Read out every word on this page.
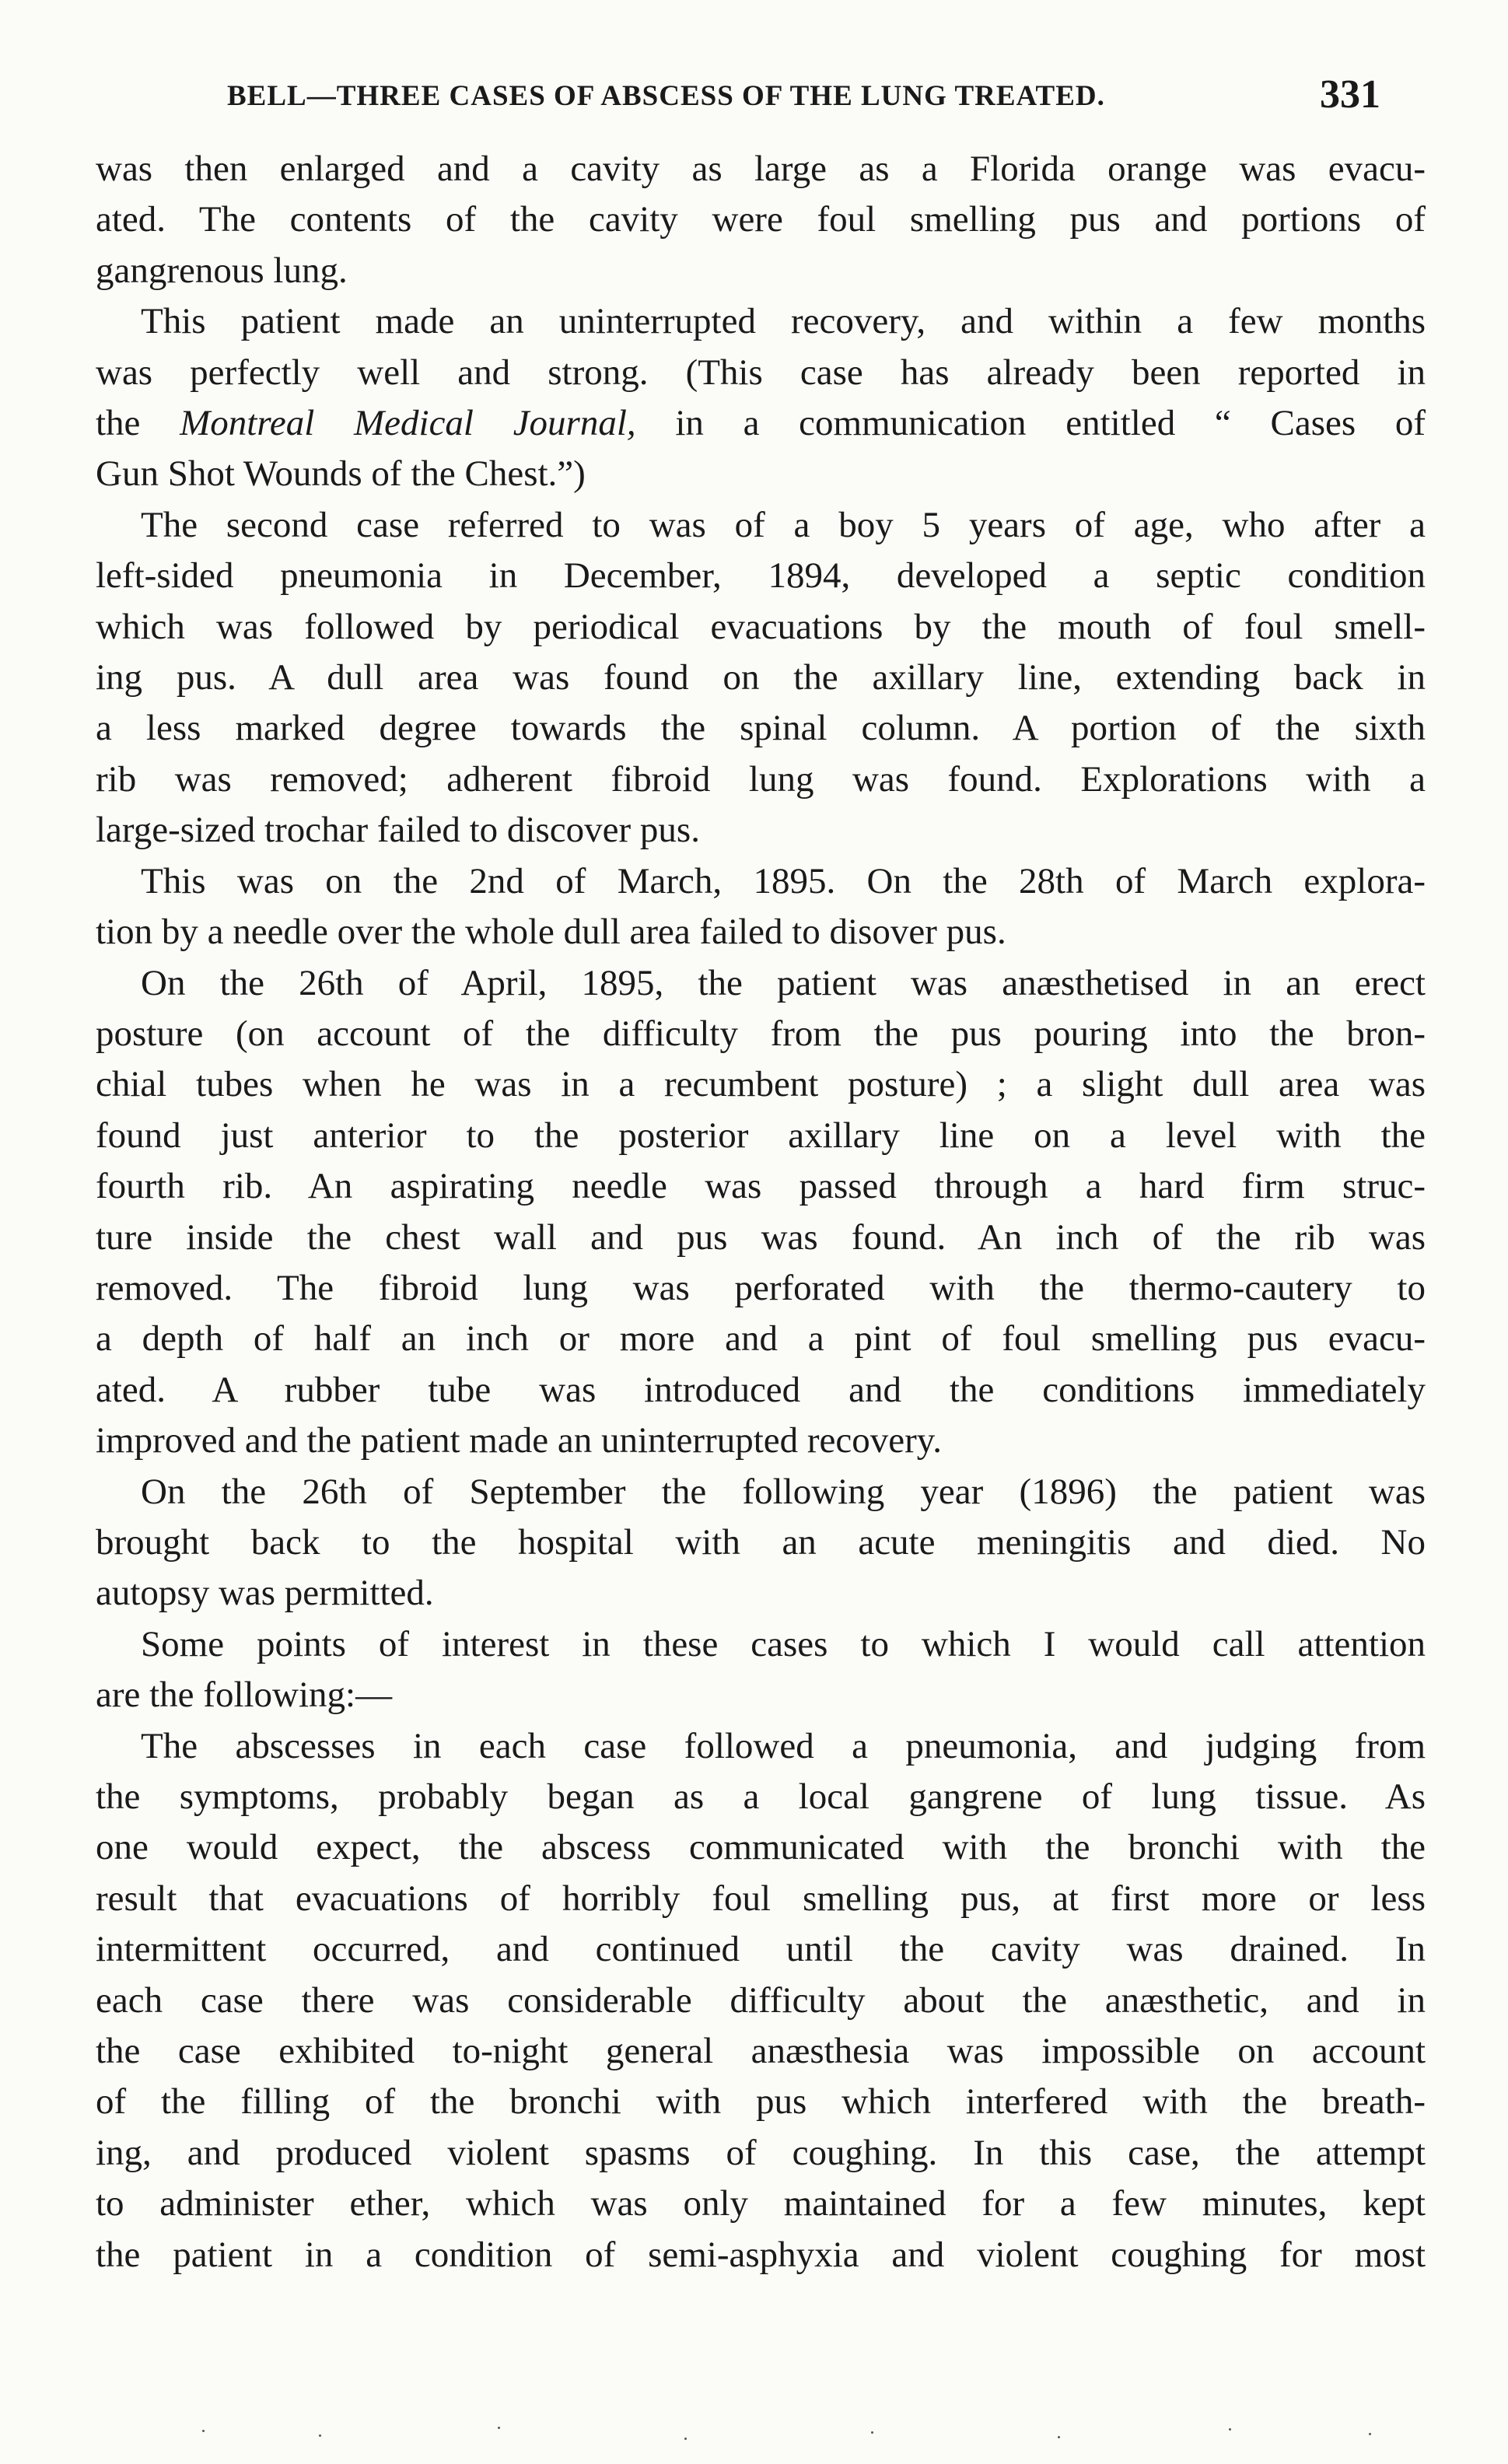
BELL—THREE CASES OF ABSCESS OF THE LUNG TREATED.	331
was then enlarged and a cavity as large as a Florida orange was evacu-
ated. The contents of the cavity were foul smelling pus and portions of
gangrenous lung.
This patient made an uninterrupted recovery, and within a few months
was perfectly well and strong. (This case has already been reported in
the Montreal Medical Journal, in a communication entitled “ Cases of
Gun Shot Wounds of the Chest.”)
The second case referred to was of a boy 5 years of age, who after a
left-sided pneumonia in December, 1894, developed a septic condition
which was followed by periodical evacuations by the mouth of foul smell-
ing pus. A dull area was found on the axillary line, extending back in
a less marked degree towards the spinal column. A portion of the sixth
rib was removed; adherent fibroid lung was found. Explorations with a
large-sized trochar failed to discover pus.
This was on the 2nd of March, 1895. On the 28th of March explora-
tion by a needle over the whole dull area failed to disover pus.
On the 26th of April, 1895, the patient was anæsthetised in an erect
posture (on account of the difficulty from the pus pouring into the bron-
chial tubes when he was in a recumbent posture) ; a slight dull area was
found just anterior to the posterior axillary line on a level with the
fourth rib. An aspirating needle was passed through a hard firm struc-
ture inside the chest wall and pus was found. An inch of the rib was
removed. The fibroid lung was perforated with the thermo-cautery to
a depth of half an inch or more and a pint of foul smelling pus evacu-
ated. A rubber tube was introduced and the conditions immediately
improved and the patient made an uninterrupted recovery.
On the 26th of September the following year (1896) the patient was
brought back to the hospital with an acute meningitis and died. No
autopsy was permitted.
Some points of interest in these cases to which I would call attention
are the following:—
The abscesses in each case followed a pneumonia, and judging from
the symptoms, probably began as a local gangrene of lung tissue. As
one would expect, the abscess communicated with the bronchi with the
result that evacuations of horribly foul smelling pus, at first more or less
intermittent occurred, and continued until the cavity was drained. In
each case there was considerable difficulty about the anæsthetic, and in
the case exhibited to-night general anæsthesia was impossible on account
of the filling of the bronchi with pus which interfered with the breath-
ing, and produced violent spasms of coughing. In this case, the attempt
to administer ether, which was only maintained for a few minutes, kept
the patient in a condition of semi-asphyxia and violent coughing for most
